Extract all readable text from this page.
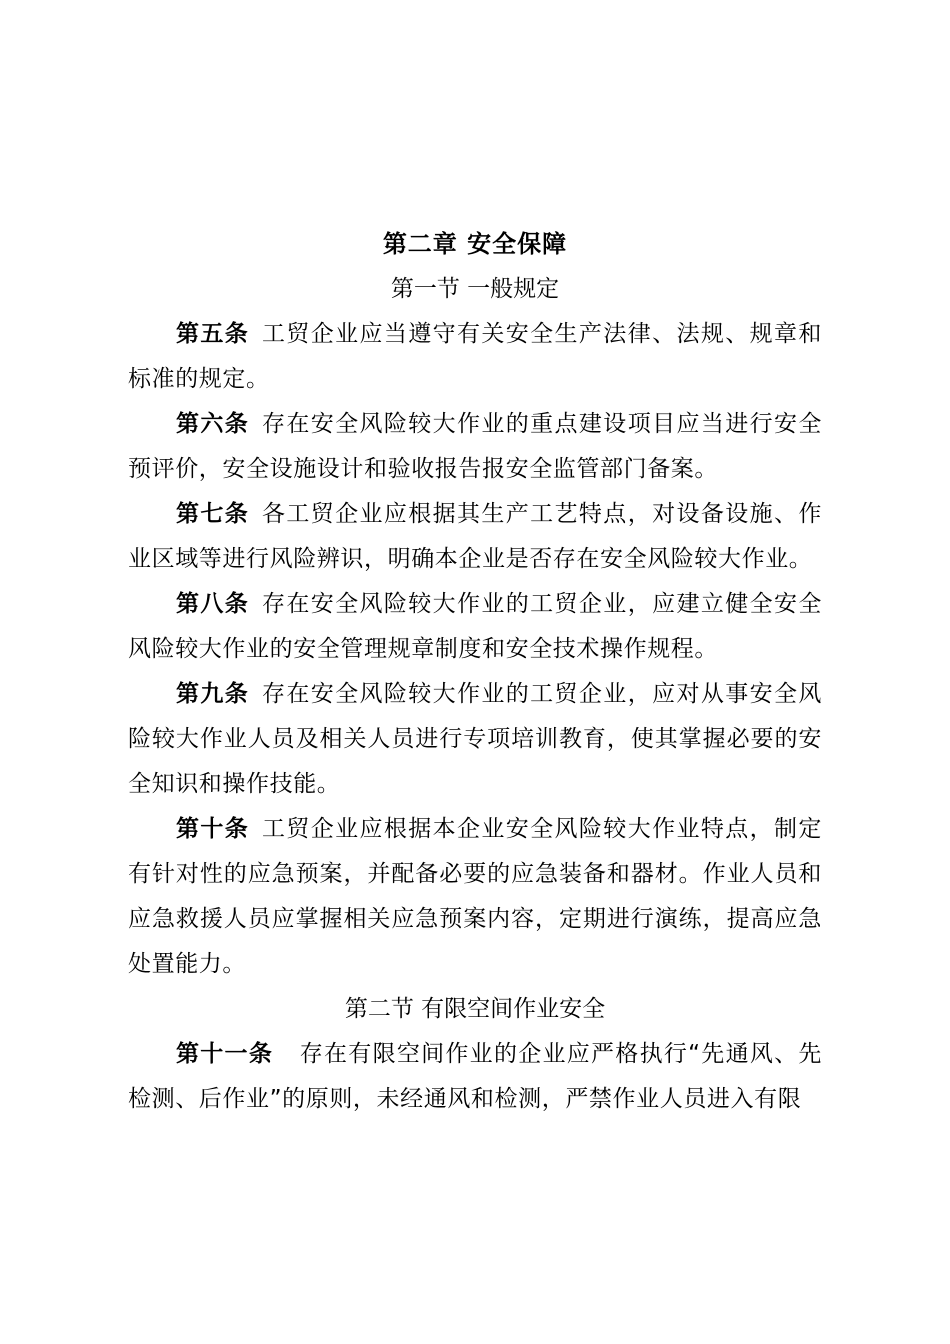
第二章 安全保障
第一节 一般规定

第五条 工贸企业应当遵守有关安全生产法律、法规、规章和标准的规定。

第六条 存在安全风险较大作业的重点建设项目应当进行安全预评价，安全设施设计和验收报告报安全监管部门备案。

第七条 各工贸企业应根据其生产工艺特点，对设备设施、作业区域等进行风险辨识，明确本企业是否存在安全风险较大作业。

第八条 存在安全风险较大作业的工贸企业，应建立健全安全风险较大作业的安全管理规章制度和安全技术操作规程。

第九条 存在安全风险较大作业的工贸企业，应对从事安全风险较大作业人员及相关人员进行专项培训教育，使其掌握必要的安全知识和操作技能。

第十条 工贸企业应根据本企业安全风险较大作业特点，制定有针对性的应急预案，并配备必要的应急装备和器材。作业人员和应急救援人员应掌握相关应急预案内容，定期进行演练，提高应急处置能力。

第二节 有限空间作业安全

第十一条 存在有限空间作业的企业应严格执行“先通风、先检测、后作业”的原则，未经通风和检测，严禁作业人员进入有限
